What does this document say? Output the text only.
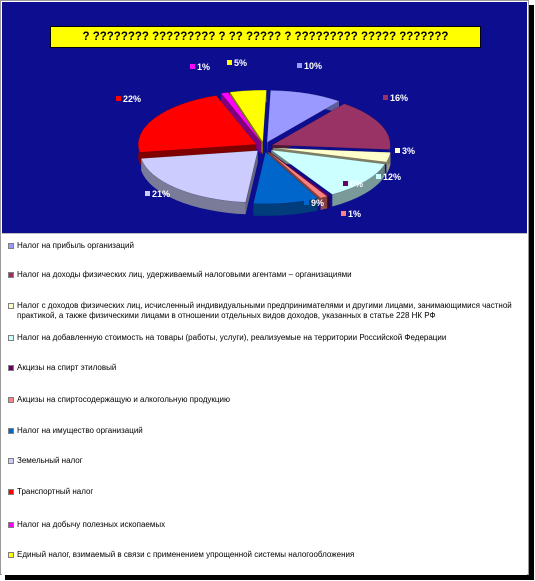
? ???????? ????????? ? ?? ????? ? ????????? ????? ???????
10%
16%
3%
12%
0%
1%
9%
21%
22%
1%	5%
Налог на прибыль организаций
Налог на доходы физических лиц, удерживаемый налоговыми агентами – организациями
Налог с доходов физических лиц, исчисленный индивидуальными предпринимателями и другими лицами, занимающимися частной практикой, а также физическими лицами в отношении отдельных видов доходов, указанных в статье 228 НК РФ
Налог на добавленную стоимость на товары (работы, услуги), реализуемые на территории Российской Федерации
Акцизы на спирт этиловый
Акцизы на спиртосодержащую и алкогольную продукцию
Налог на имущество организаций
Земельный налог
Транспортный налог
Налог на добычу полезных ископаемых
Единый налог, взимаемый в связи с применением упрощенной системы налогообложения
